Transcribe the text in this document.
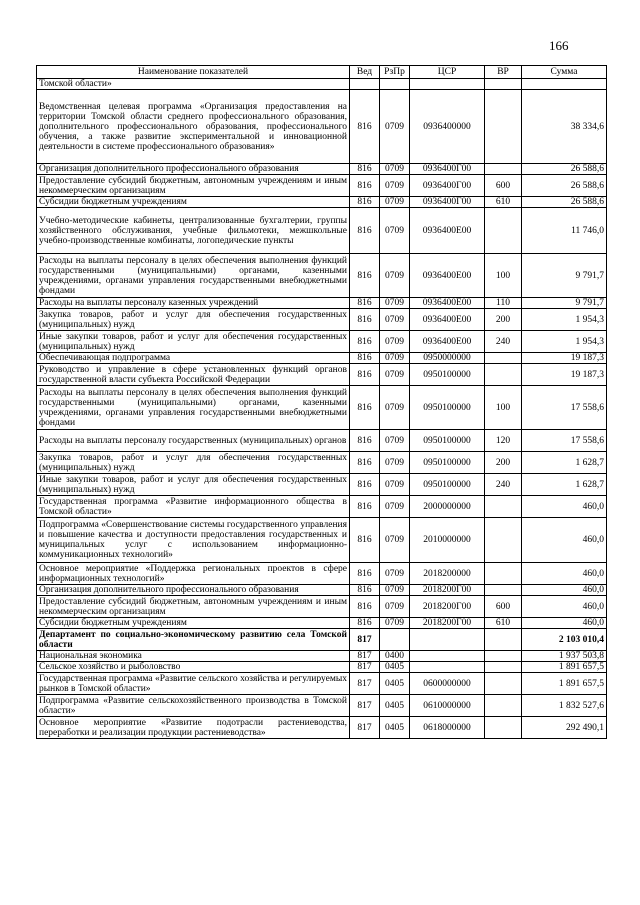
166
Наименование показателей	Вед	РзПр	ЦСР	ВР	Сумма
Томской области»					
Ведомственная целевая программа «Организация предоставления на территории Томской области среднего профессионального образования, дополнительного профессионального образования, профессионального обучения, а также развитие экспериментальной и инновационной деятельности в системе профессионального образования»	816	0709	0936400000		38 334,6
Организация дополнительного профессионального образования	816	0709	0936400Г00		26 588,6
Предоставление субсидий бюджетным, автономным учреждениям и иным некоммерческим организациям	816	0709	0936400Г00	600	26 588,6
Субсидии бюджетным учреждениям	816	0709	0936400Г00	610	26 588,6
Учебно-методические кабинеты, централизованные бухгалтерии, группы хозяйственного обслуживания, учебные фильмотеки, межшкольные учебно-производственные комбинаты, логопедические пункты	816	0709	0936400Е00		11 746,0
Расходы на выплаты персоналу в целях обеспечения выполнения функций государственными (муниципальными) органами, казенными учреждениями, органами управления государственными внебюджетными фондами	816	0709	0936400Е00	100	9 791,7
Расходы на выплаты персоналу казенных учреждений	816	0709	0936400Е00	110	9 791,7
Закупка товаров, работ и услуг для обеспечения государственных (муниципальных) нужд	816	0709	0936400Е00	200	1 954,3
Иные закупки товаров, работ и услуг для обеспечения государственных (муниципальных) нужд	816	0709	0936400Е00	240	1 954,3
Обеспечивающая подпрограмма	816	0709	0950000000		19 187,3
Руководство и управление в сфере установленных функций органов государственной власти субъекта Российской Федерации	816	0709	0950100000		19 187,3
Расходы на выплаты персоналу в целях обеспечения выполнения функций государственными (муниципальными) органами, казенными учреждениями, органами управления государственными внебюджетными фондами	816	0709	0950100000	100	17 558,6
Расходы на выплаты персоналу государственных (муниципальных) органов	816	0709	0950100000	120	17 558,6
Закупка товаров, работ и услуг для обеспечения государственных (муниципальных) нужд	816	0709	0950100000	200	1 628,7
Иные закупки товаров, работ и услуг для обеспечения государственных (муниципальных) нужд	816	0709	0950100000	240	1 628,7
Государственная программа «Развитие информационного общества в Томской области»	816	0709	2000000000		460,0
Подпрограмма «Совершенствование системы государственного управления и повышение качества и доступности предоставления государственных и муниципальных услуг с использованием информационно-коммуникационных технологий»	816	0709	2010000000		460,0
Основное мероприятие «Поддержка региональных проектов в сфере информационных технологий»	816	0709	2018200000		460,0
Организация дополнительного профессионального образования	816	0709	2018200Г00		460,0
Предоставление субсидий бюджетным, автономным учреждениям и иным некоммерческим организациям	816	0709	2018200Г00	600	460,0
Субсидии бюджетным учреждениям	816	0709	2018200Г00	610	460,0
Департамент по социально-экономическому развитию села Томской области	817				2 103 010,4
Национальная экономика	817	0400			1 937 503,8
Сельское хозяйство и рыболовство	817	0405			1 891 657,5
Государственная программа «Развитие сельского хозяйства и регулируемых рынков в Томской области»	817	0405	0600000000		1 891 657,5
Подпрограмма «Развитие сельскохозяйственного производства в Томской области»	817	0405	0610000000		1 832 527,6
Основное мероприятие «Развитие подотрасли растениеводства, переработки и реализации продукции растениеводства»	817	0405	0618000000		292 490,1
